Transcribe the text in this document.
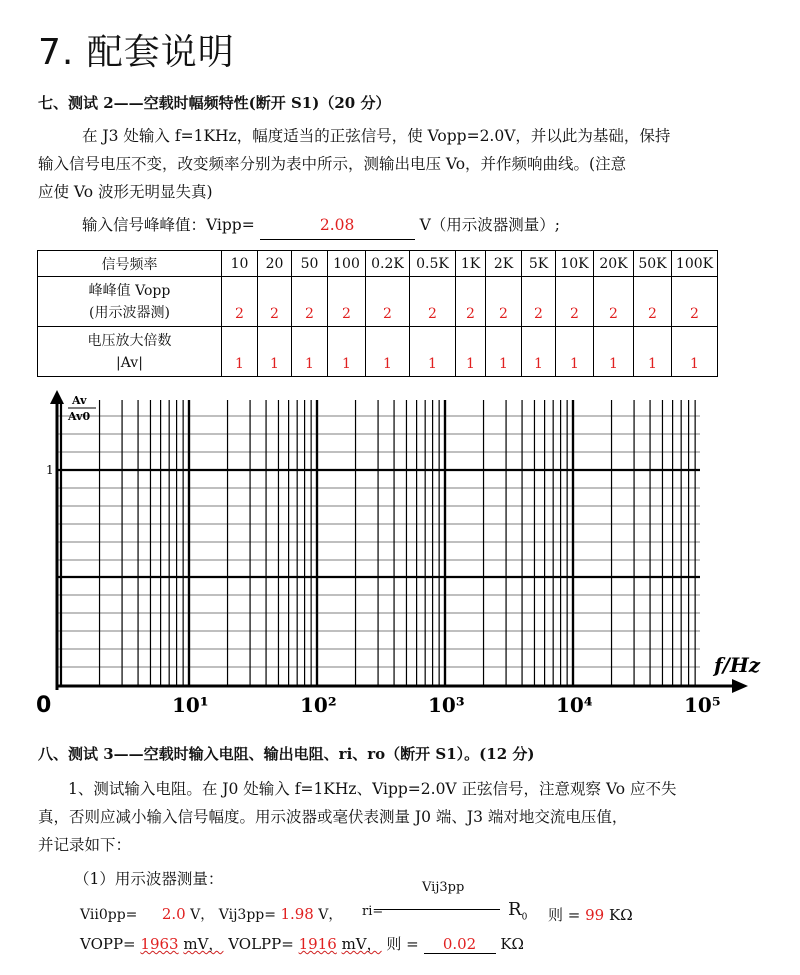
7. 配套说明
七、测试 2——空载时幅频特性(断开 S1)（20 分）
在 J3 处输入 f=1KHz，幅度适当的正弦信号，使 Vopp=2.0V，并以此为基础，保持
输入信号电压不变，改变频率分别为表中所示，测输出电压 Vo，并作频响曲线。(注意
应使 Vo 波形无明显失真)
输入信号峰峰值：Vipp=	2.08	V（用示波器测量）;
信号频率	10	20	50	100	0.2K	0.5K	1K	2K	5K	10K	20K	50K	100K

峰峰值 Vopp
(用示波器测)	2	2	2	2	2	2	2	2	2	2	2	2	2

电压放大倍数
|Av|	1	1	1	1	1	1	1	1	1	1	1	1	1
Av
Av0
1
f/Hz
0	10¹	10²	10³	10⁴	10⁵
八、测试 3——空载时输入电阻、输出电阻、ri、ro（断开 S1）。(12 分)
1、测试输入电阻。在 J0 处输入 f=1KHz、Vipp=2.0V 正弦信号，注意观察 Vo 应不失
真，否则应减小输入信号幅度。用示波器或毫伏表测量 J0 端、J3 端对地交流电压值，
并记录如下：
（1）用示波器测量：
Vii0pp= 2.0 V， Vij3pp= 1.98 V， ri=
Vij3pp
$R_0$ 则 = 99 KΩ
VOPP= 1963 mV， VOLPP= 1916 mV， 则 = 0.02 KΩ
